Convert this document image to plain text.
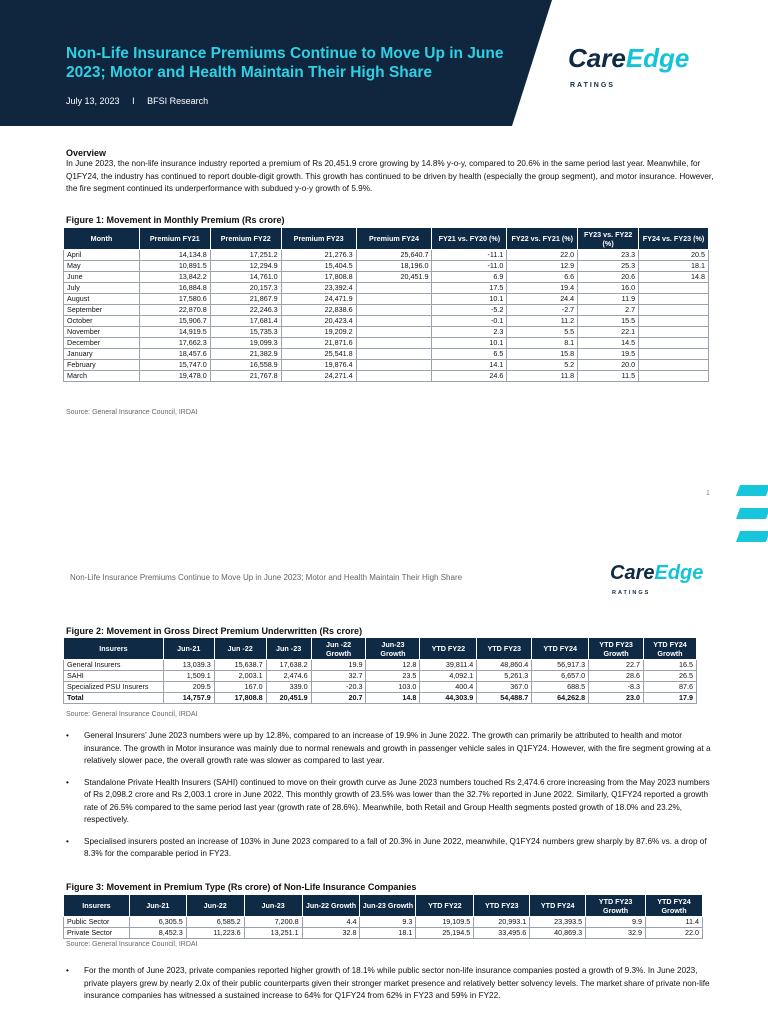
Non-Life Insurance Premiums Continue to Move Up in June 2023; Motor and Health Maintain Their High Share
July 13, 2023 I BFSI Research
CareEdge
RATINGS
Overview
In June 2023, the non-life insurance industry reported a premium of Rs 20,451.9 crore growing by 14.8% y-o-y, compared to 20.6% in the same period last year. Meanwhile, for Q1FY24, the industry has continued to report double-digit growth. This growth has continued to be driven by health (especially the group segment), and motor insurance. However, the fire segment continued its underperformance with subdued y-o-y growth of 5.9%.
Figure 1: Movement in Monthly Premium (Rs crore)
Month	Premium FY21	Premium FY22	Premium FY23	Premium FY24	FY21 vs. FY20 (%)	FY22 vs. FY21 (%)	FY23 vs. FY22 (%)	FY24 vs. FY23 (%)
April	14,134.8	17,251.2	21,276.3	25,640.7	-11.1	22.0	23.3	20.5
May	10,891.5	12,294.9	15,404.5	18,196.0	-11.0	12.9	25.3	18.1
June	13,842.2	14,761.0	17,808.8	20,451.9	6.9	6.6	20.6	14.8
July	16,884.8	20,157.3	23,392.4		17.5	19.4	16.0	
August	17,580.6	21,867.9	24,471.9		10.1	24.4	11.9	
September	22,870.8	22,246.3	22,838.6		-5.2	-2.7	2.7	
October	15,906.7	17,681.4	20,423.4		-0.1	11.2	15.5	
November	14,919.5	15,735.3	19,209.2		2.3	5.5	22.1	
December	17,662.3	19,099.3	21,871.6		10.1	8.1	14.5	
January	18,457.6	21,382.9	25,541.8		6.5	15.8	19.5	
February	15,747.0	16,558.9	19,876.4		14.1	5.2	20.0	
March	19,478.0	21,767.8	24,271.4		24.6	11.8	11.5	
Source: General Insurance Council, IRDAI
1
Non-Life Insurance Premiums Continue to Move Up in June 2023; Motor and Health Maintain Their High Share	CareEdge
RATINGS
Figure 2: Movement in Gross Direct Premium Underwritten (Rs crore)
Insurers	Jun-21	Jun -22	Jun -23	Jun -22 Growth	Jun-23 Growth	YTD FY22	YTD FY23	YTD FY24	YTD FY23 Growth	YTD FY24 Growth
General Insurers	13,039.3	15,638.7	17,638.2	19.9	12.8	39,811.4	48,860.4	56,917.3	22.7	16.5
SAHI	1,509.1	2,003.1	2,474.6	32.7	23.5	4,092.1	5,261.3	6,657.0	28.6	26.5
Specialized PSU Insurers	209.5	167.0	339.0	-20.3	103.0	400.4	367.0	688.5	-8.3	87.6
Total	14,757.9	17,808.8	20,451.9	20.7	14.8	44,303.9	54,488.7	64,262.8	23.0	17.9
Source: General Insurance Council, IRDAI
• General Insurers’ June 2023 numbers were up by 12.8%, compared to an increase of 19.9% in June 2022. The growth can primarily be attributed to health and motor insurance. The growth in Motor insurance was mainly due to normal renewals and growth in passenger vehicle sales in Q1FY24. However, with the fire segment growing at a relatively slower pace, the overall growth rate was slower as compared to last year.
• Standalone Private Health Insurers (SAHI) continued to move on their growth curve as June 2023 numbers touched Rs 2,474.6 crore increasing from the May 2023 numbers of Rs 2,098.2 crore and Rs 2,003.1 crore in June 2022. This monthly growth of 23.5% was lower than the 32.7% reported in June 2022. Similarly, Q1FY24 reported a growth rate of 26.5% compared to the same period last year (growth rate of 28.6%). Meanwhile, both Retail and Group Health segments posted growth of 18.0% and 23.2%, respectively.
• Specialised insurers posted an increase of 103% in June 2023 compared to a fall of 20.3% in June 2022, meanwhile, Q1FY24 numbers grew sharply by 87.6% vs. a drop of 8.3% for the comparable period in FY23.
Figure 3: Movement in Premium Type (Rs crore) of Non-Life Insurance Companies
Insurers	Jun-21	Jun-22	Jun-23	Jun-22 Growth	Jun-23 Growth	YTD FY22	YTD FY23	YTD FY24	YTD FY23 Growth	YTD FY24 Growth
Public Sector	6,305.5	6,585.2	7,200.8	4.4	9.3	19,109.5	20,993.1	23,393.5	9.9	11.4
Private Sector	8,452.3	11,223.6	13,251.1	32.8	18.1	25,194.5	33,495.6	40,869.3	32.9	22.0
Source: General Insurance Council, IRDAI
• For the month of June 2023, private companies reported higher growth of 18.1% while public sector non-life insurance companies posted a growth of 9.3%. In June 2023, private players grew by nearly 2.0x of their public counterparts given their stronger market presence and relatively better solvency levels. The market share of private non-life insurance companies has witnessed a sustained increase to 64% for Q1FY24 from 62% in FY23 and 59% in FY22.
